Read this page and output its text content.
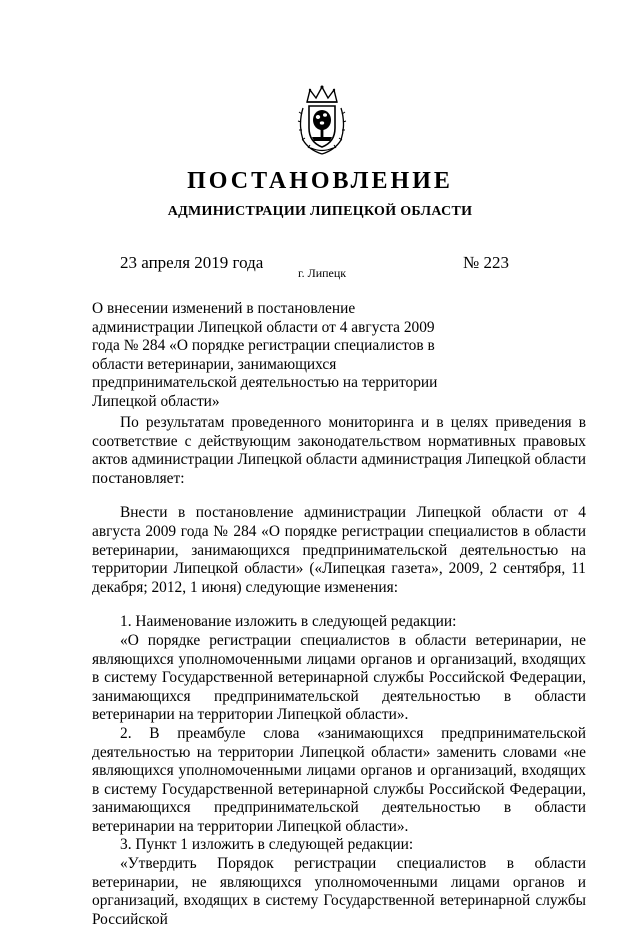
ПОСТАНОВЛЕНИЕ
АДМИНИСТРАЦИИ ЛИПЕЦКОЙ ОБЛАСТИ

23 апреля 2019 года

г. Липецк

№ 223

О внесении изменений в постановление администрации Липецкой области от 4 августа 2009 года № 284 «О порядке регистрации специалистов в области ветеринарии, занимающихся предпринимательской деятельностью на территории Липецкой области»

По результатам проведенного мониторинга и в целях приведения в соответствие с действующим законодательством нормативных правовых актов администрации Липецкой области администрация Липецкой области постановляет:

Внести в постановление администрации Липецкой области от 4 августа 2009 года № 284 «О порядке регистрации специалистов в области ветеринарии, занимающихся предпринимательской деятельностью на территории Липецкой области» («Липецкая газета», 2009, 2 сентября, 11 декабря; 2012, 1 июня) следующие изменения:

1. Наименование изложить в следующей редакции:

«О порядке регистрации специалистов в области ветеринарии, не являющихся уполномоченными лицами органов и организаций, входящих в систему Государственной ветеринарной службы Российской Федерации, занимающихся предпринимательской деятельностью в области ветеринарии на территории Липецкой области».

2. В преамбуле слова «занимающихся предпринимательской деятельностью на территории Липецкой области» заменить словами «не являющихся уполномоченными лицами органов и организаций, входящих в систему Государственной ветеринарной службы Российской Федерации, занимающихся предпринимательской деятельностью в области ветеринарии на территории Липецкой области».

3. Пункт 1 изложить в следующей редакции:

«Утвердить Порядок регистрации специалистов в области ветеринарии, не являющихся уполномоченными лицами органов и организаций, входящих в систему Государственной ветеринарной службы Российской
